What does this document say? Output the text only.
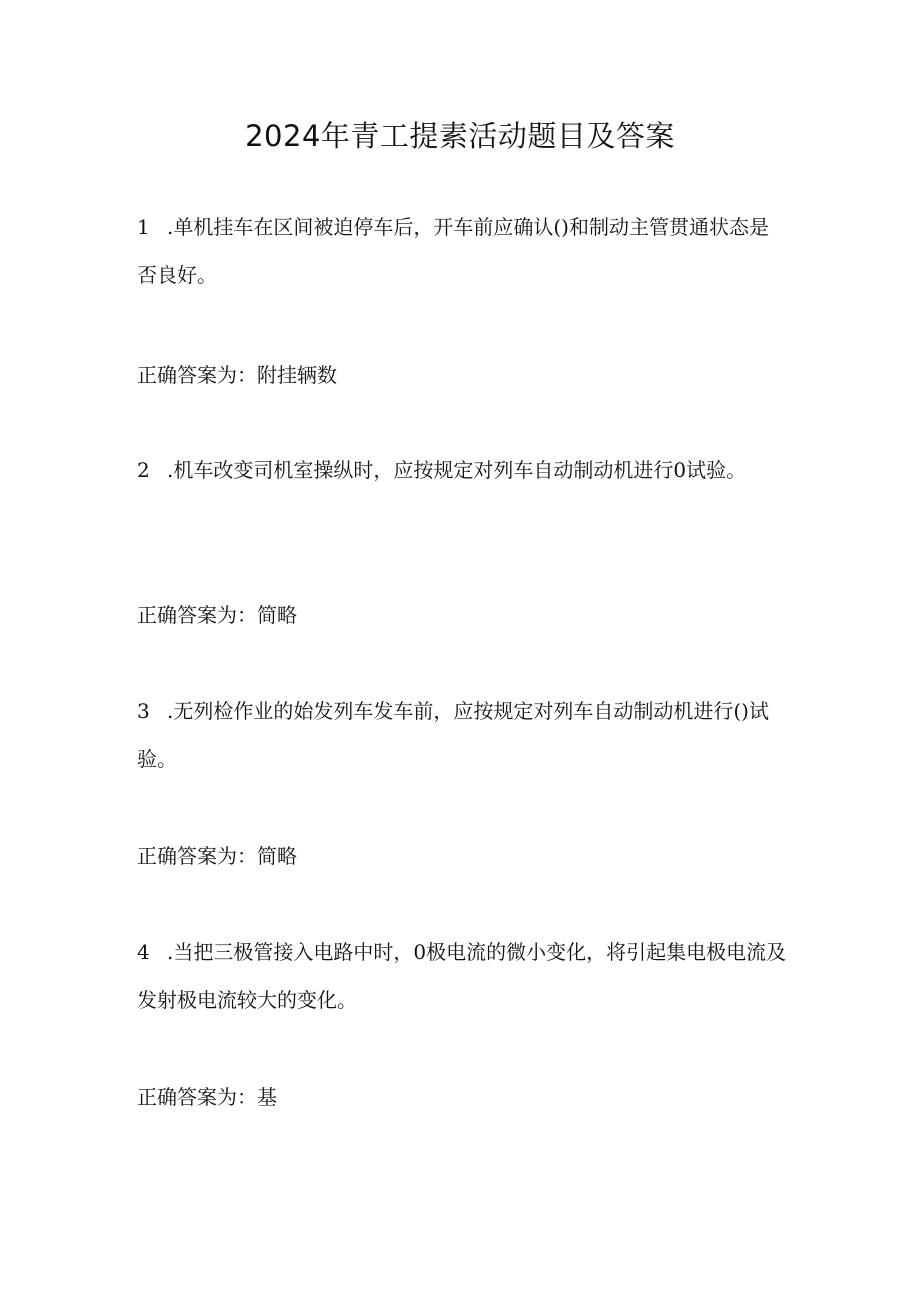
2024年青工提素活动题目及答案

1 .单机挂车在区间被迫停车后，开车前应确认()和制动主管贯通状态是否良好。

正确答案为：附挂辆数

2 .机车改变司机室操纵时，应按规定对列车自动制动机进行0试验。

正确答案为：简略

3 .无列检作业的始发列车发车前，应按规定对列车自动制动机进行()试验。

正确答案为：简略

4 .当把三极管接入电路中时，0极电流的微小变化，将引起集电极电流及发射极电流较大的变化。

正确答案为：基
